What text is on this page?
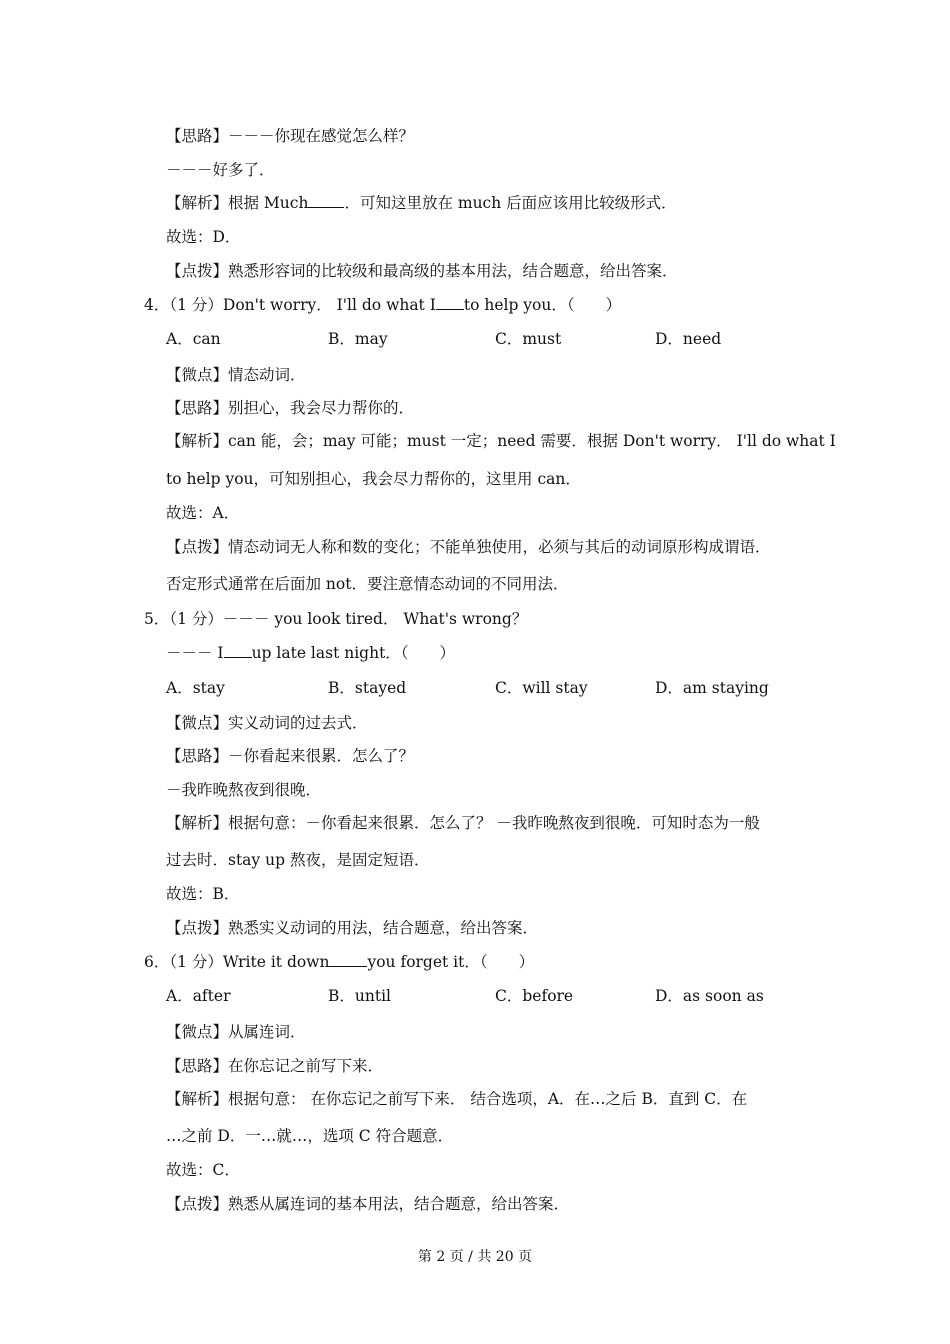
【思路】－－－你现在感觉怎么样？
－－－好多了．
【解析】根据 Much ．可知这里放在 much 后面应该用比较级形式．
故选：D．
【点拨】熟悉形容词的比较级和最高级的基本用法，结合题意，给出答案．
4．（1 分）Don't worry． I'll do what I to help you．（　　）
A．can	B．may	C．must	D．need
【微点】情态动词．
【思路】别担心，我会尽力帮你的．
【解析】can 能，会；may 可能；must 一定；need 需要．根据 Don't worry． I'll do what I
to help you，可知别担心，我会尽力帮你的，这里用 can．
故选：A．
【点拨】情态动词无人称和数的变化；不能单独使用，必须与其后的动词原形构成谓语．
否定形式通常在后面加 not．要注意情态动词的不同用法．
5．（1 分）－－－ you look tired． What's wrong？
－－－ I up late last night．（　　）
A．stay	B．stayed	C．will stay	D．am staying
【微点】实义动词的过去式．
【思路】－你看起来很累．怎么了？
－我昨晚熬夜到很晚．
【解析】根据句意：－你看起来很累．怎么了？ －我昨晚熬夜到很晚．可知时态为一般
过去时．stay up 熬夜，是固定短语．
故选：B．
【点拨】熟悉实义动词的用法，结合题意，给出答案．
6．（1 分）Write it down you forget it．（　　）
A．after	B．until	C．before	D．as soon as
【微点】从属连词．
【思路】在你忘记之前写下来．
【解析】根据句意： 在你忘记之前写下来． 结合选项，A．在…之后 B．直到 C．在
…之前 D．一…就…，选项 C 符合题意．
故选：C．
【点拨】熟悉从属连词的基本用法，结合题意，给出答案．
第 2 页 / 共 20 页
